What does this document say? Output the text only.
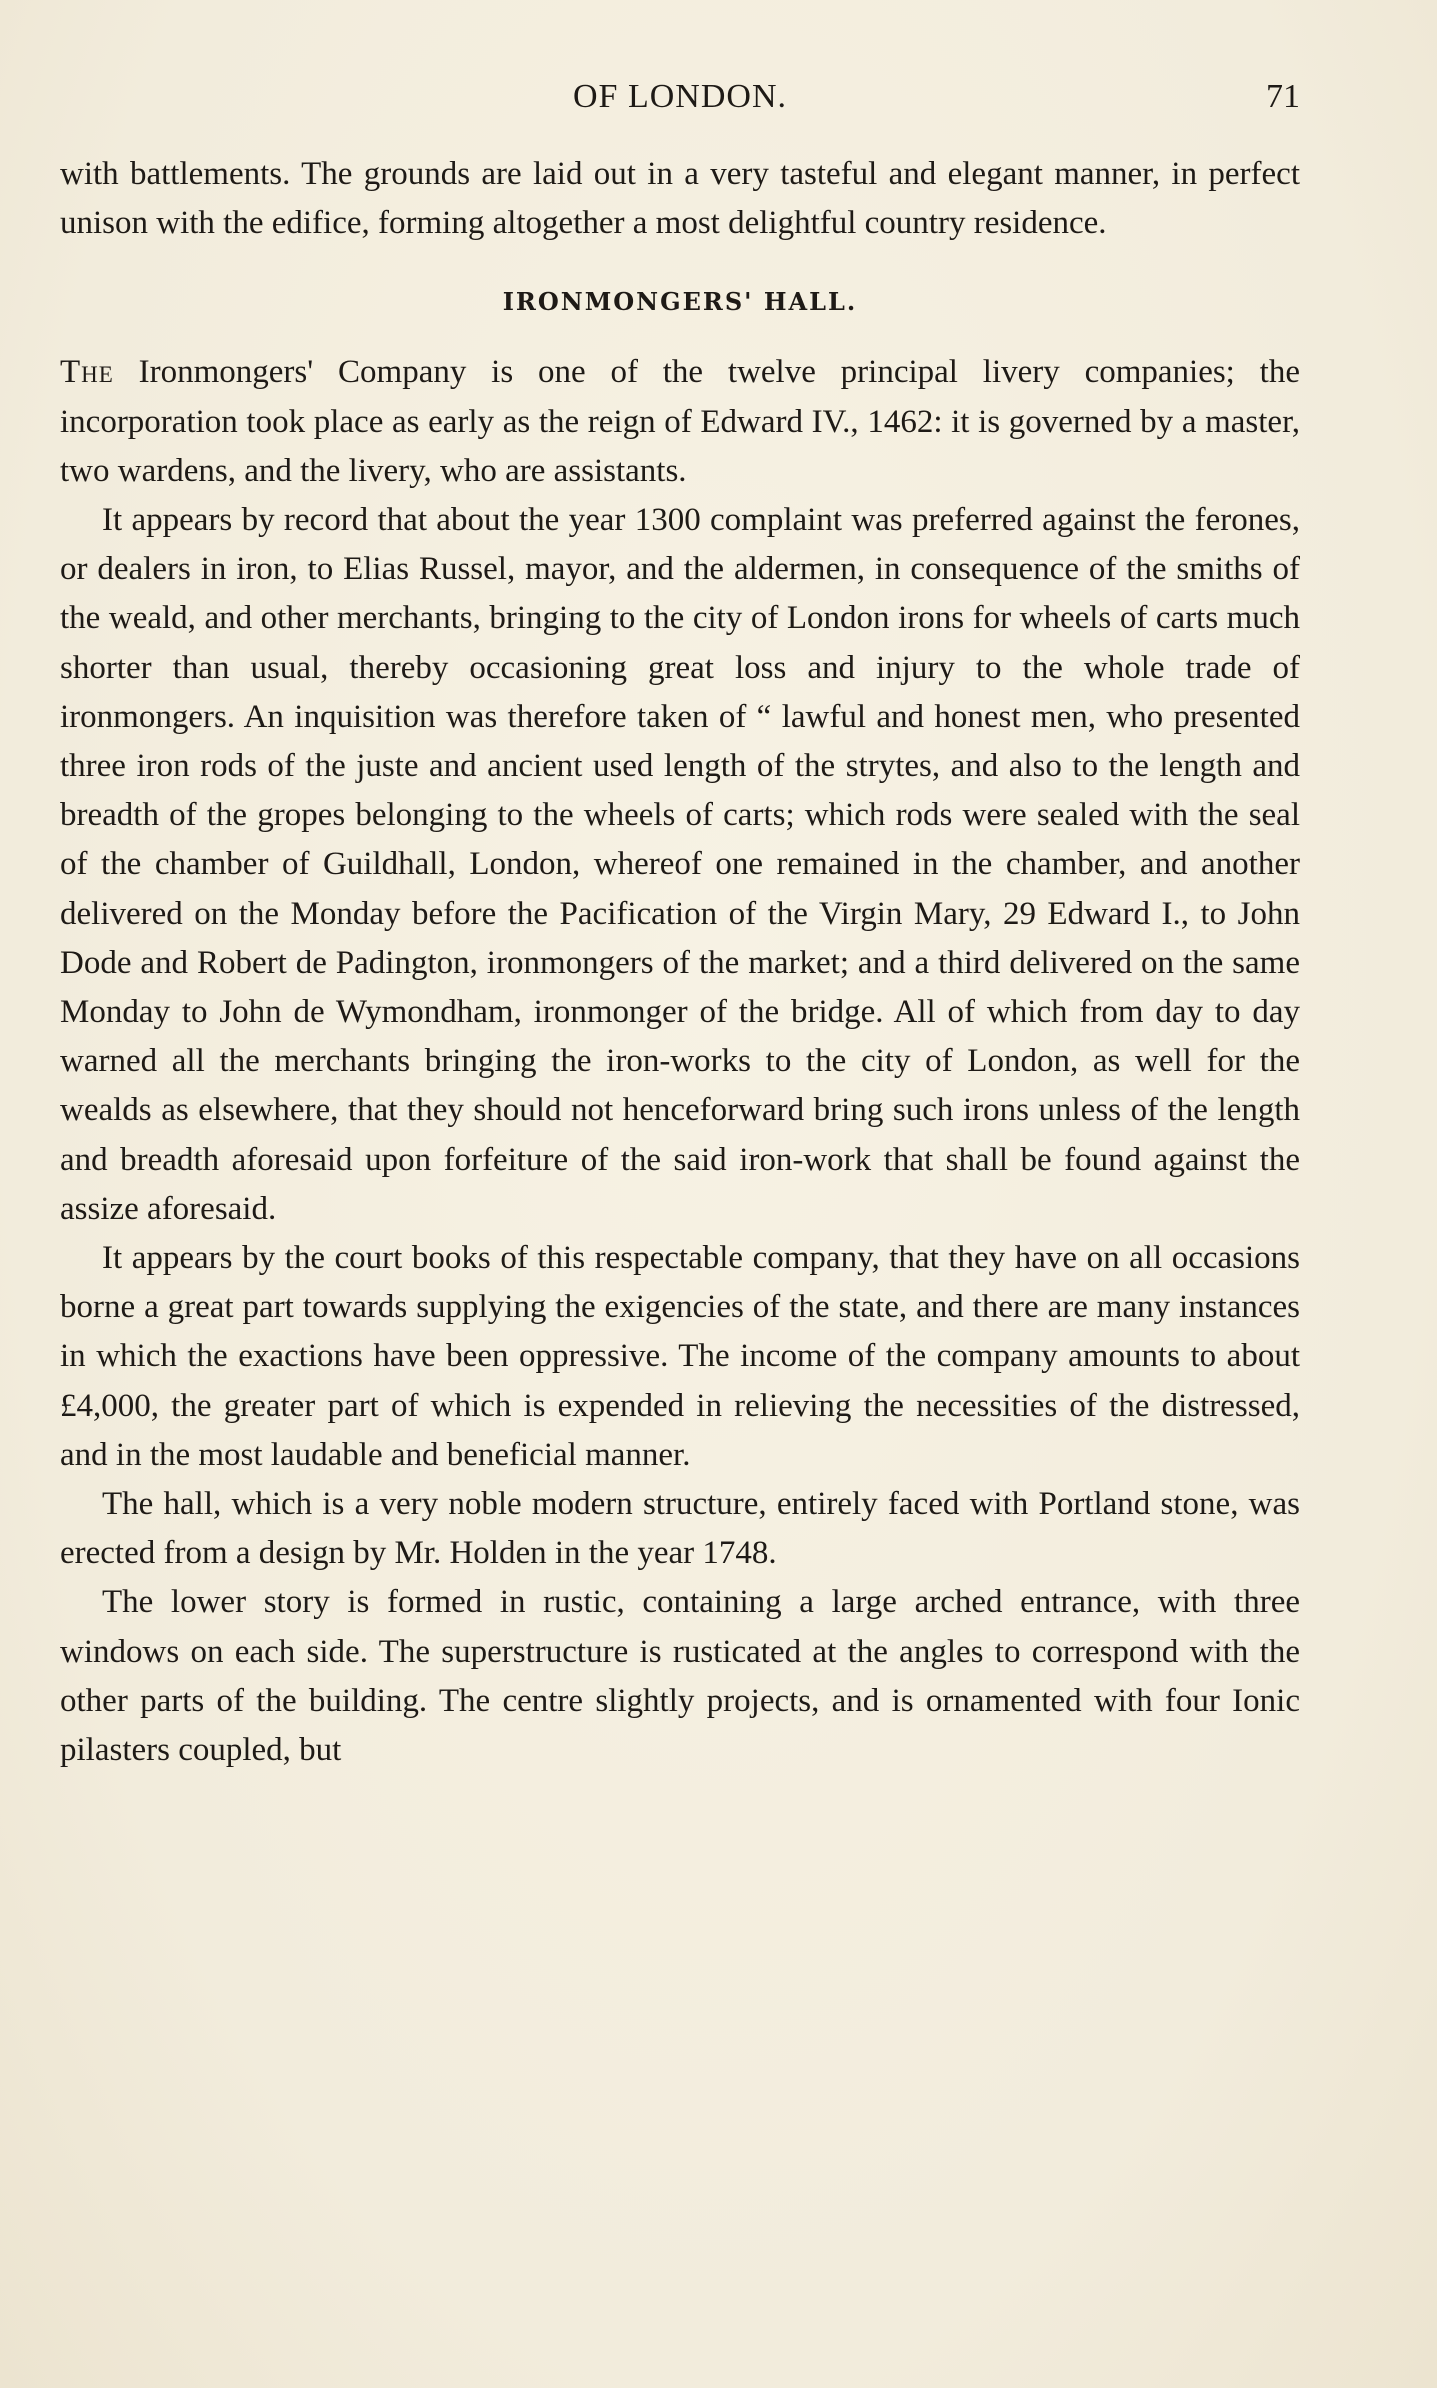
OF LONDON.	71

with battlements. The grounds are laid out in a very tasteful and elegant manner, in perfect unison with the edifice, forming altogether a most delightful country residence.

IRONMONGERS' HALL.

The Ironmongers' Company is one of the twelve principal livery companies; the incorporation took place as early as the reign of Edward IV., 1462: it is governed by a master, two wardens, and the livery, who are assistants.

It appears by record that about the year 1300 complaint was preferred against the ferones, or dealers in iron, to Elias Russel, mayor, and the aldermen, in consequence of the smiths of the weald, and other merchants, bringing to the city of London irons for wheels of carts much shorter than usual, thereby occasioning great loss and injury to the whole trade of ironmongers. An inquisition was therefore taken of “ lawful and honest men, who presented three iron rods of the juste and ancient used length of the strytes, and also to the length and breadth of the gropes belonging to the wheels of carts; which rods were sealed with the seal of the chamber of Guildhall, London, whereof one remained in the chamber, and another delivered on the Monday before the Pacification of the Virgin Mary, 29 Edward I., to John Dode and Robert de Padington, ironmongers of the market; and a third delivered on the same Monday to John de Wymondham, ironmonger of the bridge. All of which from day to day warned all the merchants bringing the iron-works to the city of London, as well for the wealds as elsewhere, that they should not henceforward bring such irons unless of the length and breadth aforesaid upon forfeiture of the said iron-work that shall be found against the assize aforesaid.

It appears by the court books of this respectable company, that they have on all occasions borne a great part towards supplying the exigencies of the state, and there are many instances in which the exactions have been oppressive. The income of the company amounts to about £4,000, the greater part of which is expended in relieving the necessities of the distressed, and in the most laudable and beneficial manner.

The hall, which is a very noble modern structure, entirely faced with Portland stone, was erected from a design by Mr. Holden in the year 1748.

The lower story is formed in rustic, containing a large arched entrance, with three windows on each side. The superstructure is rusticated at the angles to correspond with the other parts of the building. The centre slightly projects, and is ornamented with four Ionic pilasters coupled, but
